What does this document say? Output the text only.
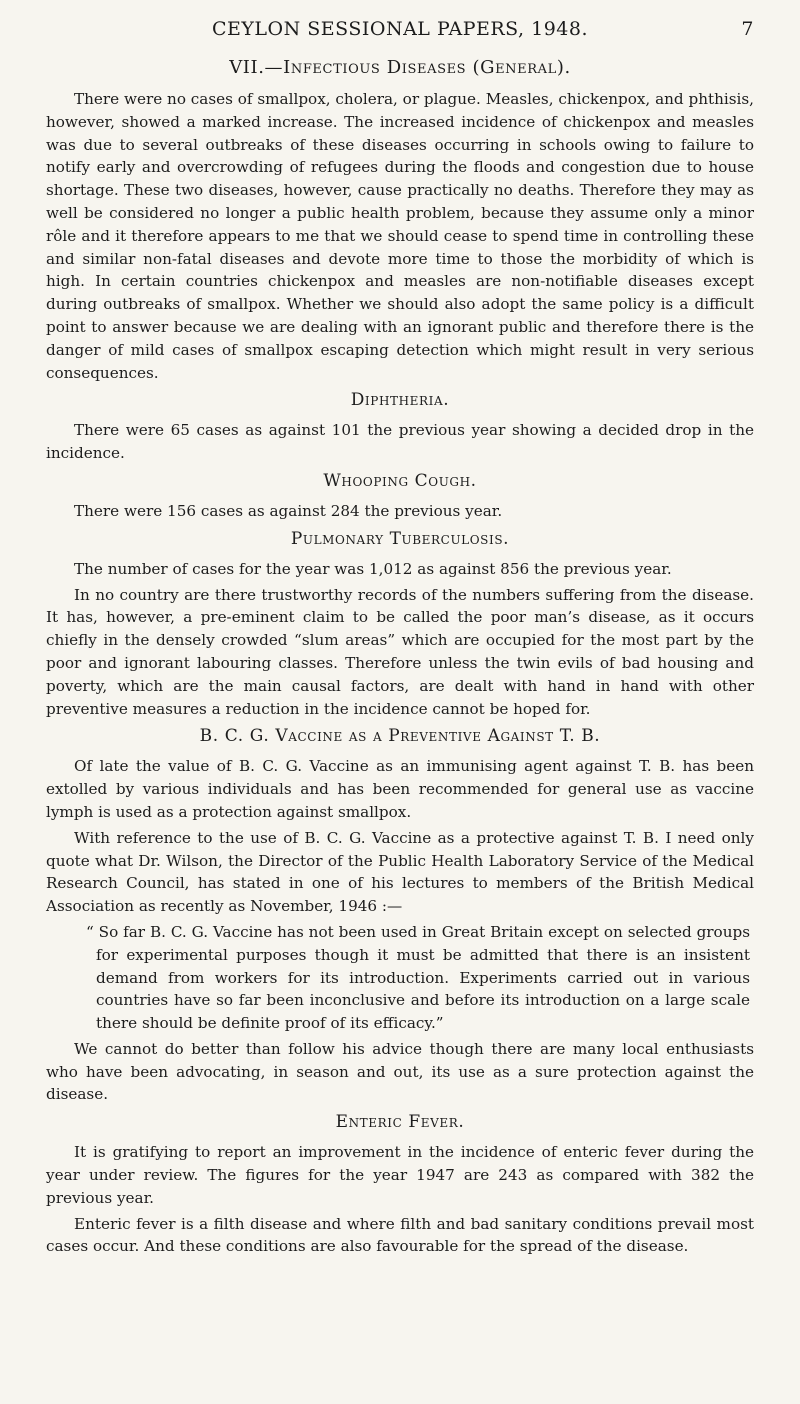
CEYLON SESSIONAL PAPERS, 1948.	7
VII.—Infectious Diseases (General).

There were no cases of smallpox, cholera, or plague. Measles, chickenpox, and phthisis, however, showed a marked increase. The increased incidence of chickenpox and measles was due to several outbreaks of these diseases occurring in schools owing to failure to notify early and overcrowding of refugees during the floods and congestion due to house shortage. These two diseases, however, cause practically no deaths. Therefore they may as well be considered no longer a public health problem, because they assume only a minor rôle and it therefore appears to me that we should cease to spend time in controlling these and similar non-fatal diseases and devote more time to those the morbidity of which is high. In certain countries chickenpox and measles are non-notifiable diseases except during outbreaks of smallpox. Whether we should also adopt the same policy is a difficult point to answer because we are dealing with an ignorant public and therefore there is the danger of mild cases of smallpox escaping detection which might result in very serious consequences.

Diphtheria.

There were 65 cases as against 101 the previous year showing a decided drop in the incidence.

Whooping Cough.

There were 156 cases as against 284 the previous year.

Pulmonary Tuberculosis.

The number of cases for the year was 1,012 as against 856 the previous year.

In no country are there trustworthy records of the numbers suffering from the disease. It has, however, a pre-eminent claim to be called the poor man’s disease, as it occurs chiefly in the densely crowded “slum areas” which are occupied for the most part by the poor and ignorant labouring classes. Therefore unless the twin evils of bad housing and poverty, which are the main causal factors, are dealt with hand in hand with other preventive measures a reduction in the incidence cannot be hoped for.

B. C. G. Vaccine as a Preventive Against T. B.

Of late the value of B. C. G. Vaccine as an immunising agent against T. B. has been extolled by various individuals and has been recommended for general use as vaccine lymph is used as a protection against smallpox.

With reference to the use of B. C. G. Vaccine as a protective against T. B. I need only quote what Dr. Wilson, the Director of the Public Health Laboratory Service of the Medical Research Council, has stated in one of his lectures to members of the British Medical Association as recently as November, 1946 :—

“ So far B. C. G. Vaccine has not been used in Great Britain except on selected groups for experimental purposes though it must be admitted that there is an insistent demand from workers for its introduction. Experiments carried out in various countries have so far been inconclusive and before its introduction on a large scale there should be definite proof of its efficacy.”

We cannot do better than follow his advice though there are many local enthusiasts who have been advocating, in season and out, its use as a sure protection against the disease.

Enteric Fever.

It is gratifying to report an improvement in the incidence of enteric fever during the year under review. The figures for the year 1947 are 243 as compared with 382 the previous year.

Enteric fever is a filth disease and where filth and bad sanitary conditions prevail most cases occur. And these conditions are also favourable for the spread of the disease.
